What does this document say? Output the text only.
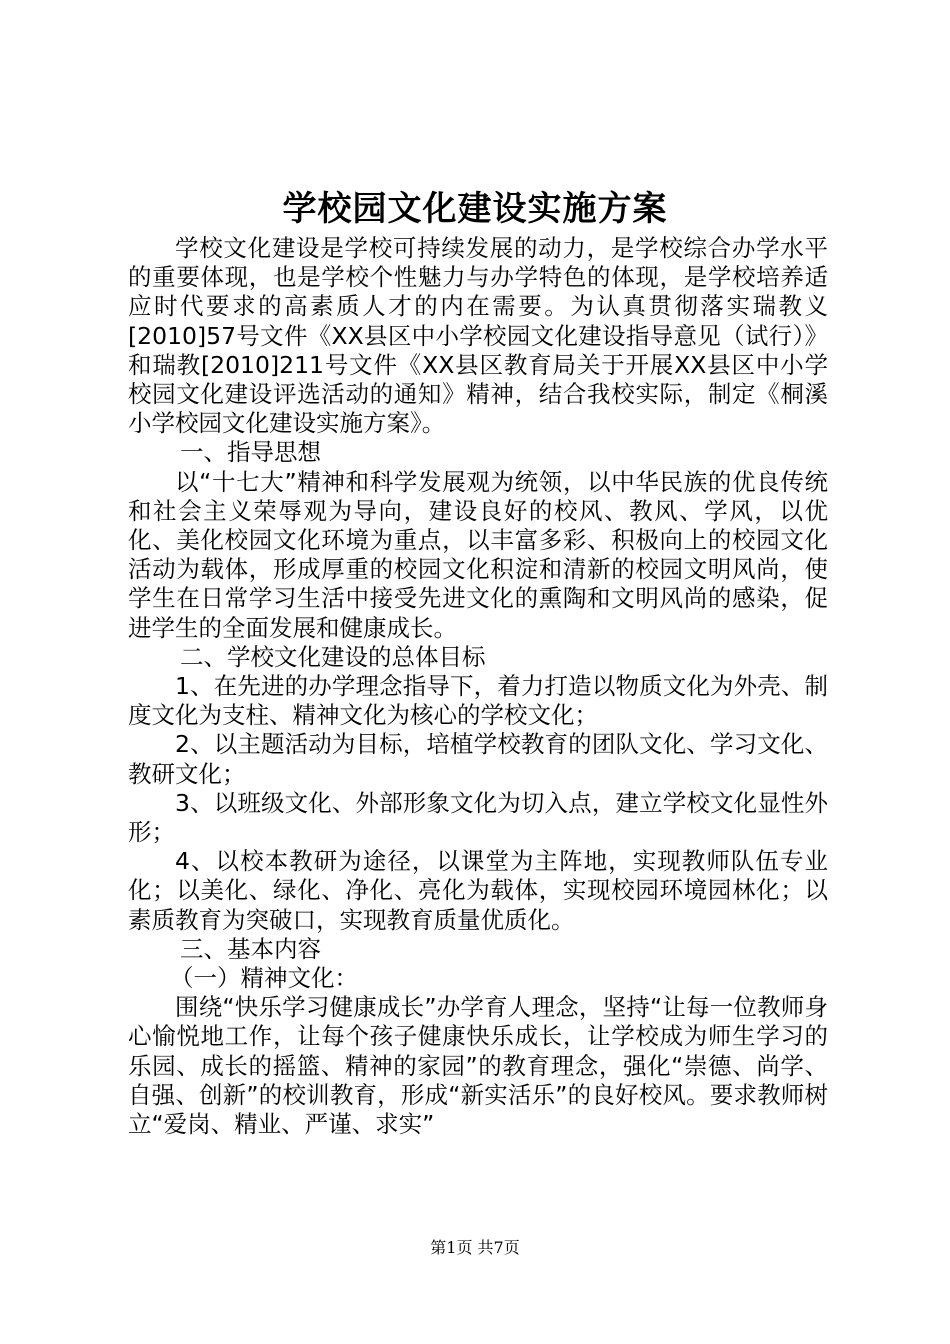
学校园文化建设实施方案

学校文化建设是学校可持续发展的动力，是学校综合办学水平的重要体现，也是学校个性魅力与办学特色的体现，是学校培养适应时代要求的高素质人才的内在需要。为认真贯彻落实瑞教义[2010]57号文件《XX县区中小学校园文化建设指导意见（试行）》和瑞教[2010]211号文件《XX县区教育局关于开展XX县区中小学校园文化建设评选活动的通知》精神，结合我校实际，制定《桐溪小学校园文化建设实施方案》。

一、指导思想

以“十七大”精神和科学发展观为统领，以中华民族的优良传统和社会主义荣辱观为导向，建设良好的校风、教风、学风，以优化、美化校园文化环境为重点，以丰富多彩、积极向上的校园文化活动为载体，形成厚重的校园文化积淀和清新的校园文明风尚，使学生在日常学习生活中接受先进文化的熏陶和文明风尚的感染，促进学生的全面发展和健康成长。

二、学校文化建设的总体目标

1、在先进的办学理念指导下，着力打造以物质文化为外壳、制度文化为支柱、精神文化为核心的学校文化；

2、以主题活动为目标，培植学校教育的团队文化、学习文化、教研文化；

3、以班级文化、外部形象文化为切入点，建立学校文化显性外形；

4、以校本教研为途径，以课堂为主阵地，实现教师队伍专业化；以美化、绿化、净化、亮化为载体，实现校园环境园林化；以素质教育为突破口，实现教育质量优质化。

三、基本内容

（一）精神文化：

围绕“快乐学习健康成长”办学育人理念，坚持“让每一位教师身心愉悦地工作，让每个孩子健康快乐成长，让学校成为师生学习的乐园、成长的摇篮、精神的家园”的教育理念，强化“崇德、尚学、自强、创新”的校训教育，形成“新实活乐”的良好校风。要求教师树立“爱岗、精业、严谨、求实”

第1页 共7页
